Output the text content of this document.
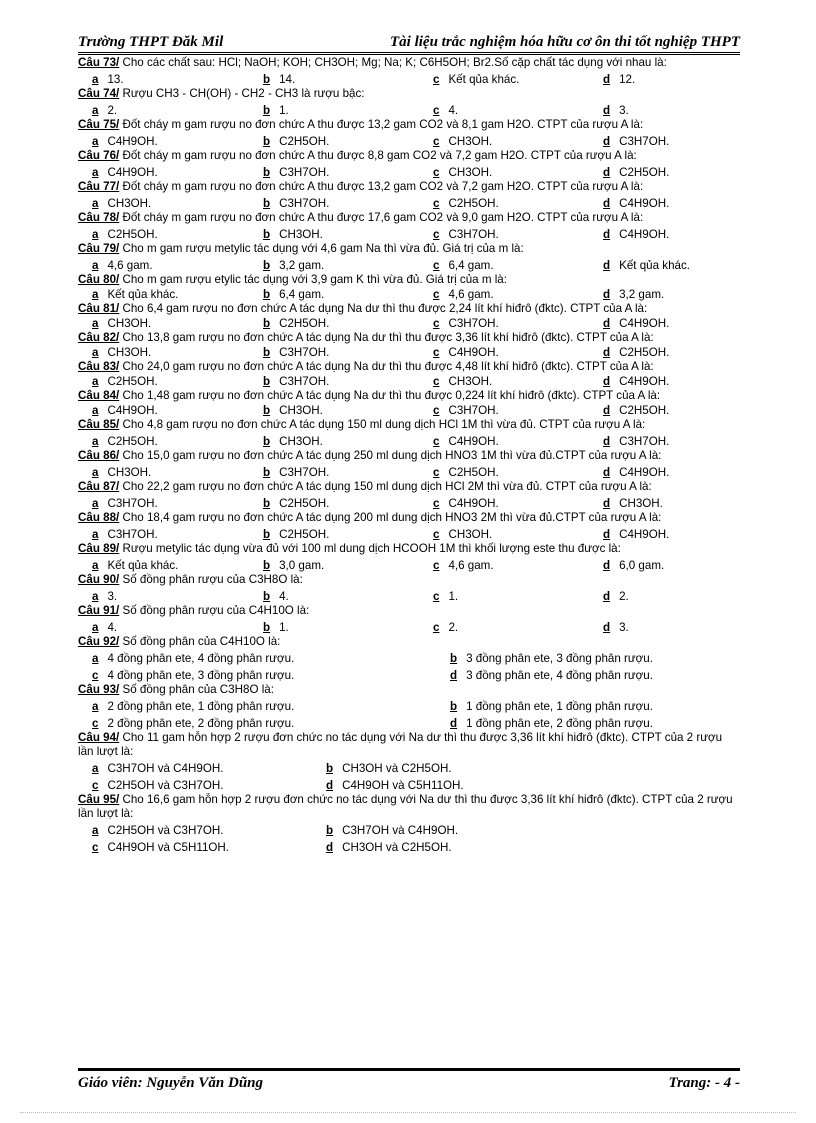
Trường THPT Đăk Mil	Tài liệu trắc nghiệm hóa hữu cơ ôn thi tốt nghiệp THPT
Câu 73/ Cho các chất sau: HCl; NaOH; KOH; CH3OH; Mg; Na; K; C6H5OH; Br2.Số cặp chất tác dụng với nhau là:
a 13.	b 14.	c Kết qủa khác.	d 12.
Câu 74/ Rượu CH3 - CH(OH) - CH2 - CH3 là rượu bậc:
a 2.	b 1.	c 4.	d 3.
Câu 75/ Đốt cháy m gam rượu no đơn chức A thu được 13,2 gam CO2 và 8,1 gam H2O. CTPT của rượu A là:
a C4H9OH.	b C2H5OH.	c CH3OH.	d C3H7OH.
Câu 76/ Đốt cháy m gam rượu no đơn chức A thu được 8,8 gam CO2 và 7,2 gam H2O. CTPT của rượu A là:
a C4H9OH.	b C3H7OH.	c CH3OH.	d C2H5OH.
Câu 77/ Đốt cháy m gam rượu no đơn chức A thu được 13,2 gam CO2 và 7,2 gam H2O. CTPT của rượu A là:
a CH3OH.	b C3H7OH.	c C2H5OH.	d C4H9OH.
Câu 78/ Đốt cháy m gam rượu no đơn chức A thu được 17,6 gam CO2 và 9,0 gam H2O. CTPT của rượu A là:
a C2H5OH.	b CH3OH.	c C3H7OH.	d C4H9OH.
Câu 79/ Cho m gam rượu metylic tác dụng với 4,6 gam Na thì vừa đủ. Giá trị của m là:
a 4,6 gam.	b 3,2 gam.	c 6,4 gam.	d Kết qủa khác.
Câu 80/ Cho m gam rượu etylic tác dụng với 3,9 gam K thì vừa đủ. Giá trị của m là:
a Kết qủa khác.	b 6,4 gam.	c 4,6 gam.	d 3,2 gam.
Câu 81/ Cho 6,4 gam rượu no đơn chức A tác dụng Na dư thì thu được 2,24 lít khí hiđrô (đktc). CTPT của A là:
a CH3OH.	b C2H5OH.	c C3H7OH.	d C4H9OH.
Câu 82/ Cho 13,8 gam rượu no đơn chức A tác dụng Na dư thì thu được 3,36 lít khí hiđrô (đktc). CTPT của A là:
a CH3OH.	b C3H7OH.	c C4H9OH.	d C2H5OH.
Câu 83/ Cho 24,0 gam rượu no đơn chức A tác dụng Na dư thì thu được 4,48 lít khí hiđrô (đktc). CTPT của A là:
a C2H5OH.	b C3H7OH.	c CH3OH.	d C4H9OH.
Câu 84/ Cho 1,48 gam rượu no đơn chức A tác dụng Na dư thì thu được 0,224 lít khí hiđrô (đktc). CTPT của A là:
a C4H9OH.	b CH3OH.	c C3H7OH.	d C2H5OH.
Câu 85/ Cho 4,8 gam rượu no đơn chức A tác dụng 150 ml dung dịch HCl 1M thì vừa đủ. CTPT của rượu A là:
a C2H5OH.	b CH3OH.	c C4H9OH.	d C3H7OH.
Câu 86/ Cho 15,0 gam rượu no đơn chức A tác dụng 250 ml dung dịch HNO3 1M thì vừa đủ.CTPT của rượu A là:
a CH3OH.	b C3H7OH.	c C2H5OH.	d C4H9OH.
Câu 87/ Cho 22,2 gam rượu no đơn chức A tác dụng 150 ml dung dịch HCl 2M thì vừa đủ. CTPT của rượu A là:
a C3H7OH.	b C2H5OH.	c C4H9OH.	d CH3OH.
Câu 88/ Cho 18,4 gam rượu no đơn chức A tác dụng 200 ml dung dịch HNO3 2M thì vừa đủ.CTPT của rượu A là:
a C3H7OH.	b C2H5OH.	c CH3OH.	d C4H9OH.
Câu 89/ Rượu metylic tác dụng vừa đủ với 100 ml dung dịch HCOOH 1M thì khối lượng este thu được là:
a Kết qủa khác.	b 3,0 gam.	c 4,6 gam.	d 6,0 gam.
Câu 90/ Số đồng phân rượu của C3H8O là:
a 3.	b 4.	c 1.	d 2.
Câu 91/ Số đồng phân rượu của C4H10O là:
a 4.	b 1.	c 2.	d 3.
Câu 92/ Số đồng phân của C4H10O là:
a 4 đồng phân ete, 4 đồng phân rượu.	b 3 đồng phân ete, 3 đồng phân rượu.
c 4 đồng phân ete, 3 đồng phân rượu.	d 3 đồng phân ete, 4 đồng phân rượu.
Câu 93/ Số đồng phân của C3H8O là:
a 2 đồng phân ete, 1 đồng phân rượu.	b 1 đồng phân ete, 1 đồng phân rượu.
c 2 đồng phân ete, 2 đồng phân rượu.	d 1 đồng phân ete, 2 đồng phân rượu.
Câu 94/ Cho 11 gam hỗn hợp 2 rượu đơn chức no tác dụng với Na dư thì thu được 3,36 lít khí hiđrô (đktc). CTPT của 2 rượu lần lượt là:
a C3H7OH và C4H9OH.	b CH3OH và C2H5OH.
c C2H5OH và C3H7OH.	d C4H9OH và C5H11OH.
Câu 95/ Cho 16,6 gam hỗn hợp 2 rượu đơn chức no tác dụng với Na dư thì thu được 3,36 lít khí hiđrô (đktc). CTPT của 2 rượu lần lượt là:
a C2H5OH và C3H7OH.	b C3H7OH và C4H9OH.
c C4H9OH và C5H11OH.	d CH3OH và C2H5OH.
Giáo viên: Nguyễn Văn Dũng	Trang: - 4 -
